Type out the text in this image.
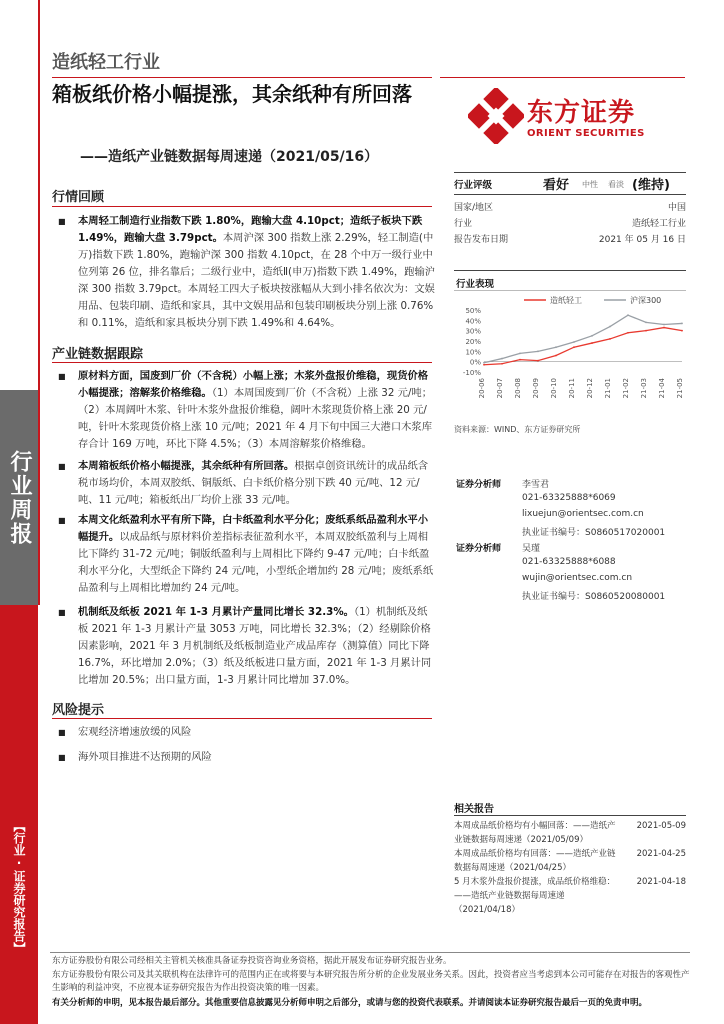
行业周报
【行业·证券研究报告】
造纸轻工行业
箱板纸价格小幅提涨，其余纸种有所回落
——造纸产业链数据每周速递（2021/05/16）
东方证券
ORIENT SECURITIES
行情回顾
■ 本周轻工制造行业指数下跌 1.80%，跑输大盘 4.10pct；造纸子板块下跌 1.49%，跑输大盘 3.79pct。本周沪深 300 指数上涨 2.29%，轻工制造(中万)指数下跌 1.80%，跑输沪深 300 指数 4.10pct，在 28 个中万一级行业中位列第 26 位，排名靠后；二级行业中，造纸Ⅱ(申万)指数下跌 1.49%，跑输沪深 300 指数 3.79pct。本周轻工四大子板块按涨幅从大到小排名依次为：文娱用品、包装印刷、造纸和家具，其中文娱用品和包装印刷板块分别上涨 0.76%和 0.11%，造纸和家具板块分别下跌 1.49%和 4.64%。
产业链数据跟踪
■ 原材料方面，国废到厂价（不含税）小幅上涨；木浆外盘报价维稳，现货价格小幅提涨；溶解浆价格维稳。（1）本周国废到厂价（不含税）上涨 32 元/吨；（2）本周阔叶木浆、针叶木浆外盘报价维稳，阔叶木浆现货价格上涨 20 元/吨，针叶木浆现货价格上涨 10 元/吨；2021 年 4 月下旬中国三大港口木浆库存合计 169 万吨，环比下降 4.5%；（3）本周溶解浆价格维稳。
■ 本周箱板纸价格小幅提涨，其余纸种有所回落。根据卓创资讯统计的成品纸含税市场均价，本周双胶纸、铜版纸、白卡纸价格分别下跌 40 元/吨、12 元/吨、11 元/吨；箱板纸出厂均价上涨 33 元/吨。
■ 本周文化纸盈利水平有所下降，白卡纸盈利水平分化；废纸系纸品盈利水平小幅提升。以成品纸与原材料价差指标表征盈利水平，本周双胶纸盈利与上周相比下降约 31-72 元/吨；铜版纸盈利与上周相比下降约 9-47 元/吨；白卡纸盈利水平分化，大型纸企下降约 24 元/吨，小型纸企增加约 28 元/吨；废纸系纸品盈利与上周相比增加约 24 元/吨。
■ 机制纸及纸板 2021 年 1-3 月累计产量同比增长 32.3%。（1）机制纸及纸板 2021 年 1-3 月累计产量 3053 万吨，同比增长 32.3%；（2）经剔除价格因素影响，2021 年 3 月机制纸及纸板制造业产成品库存（测算值）同比下降 16.7%，环比增加 2.0%；（3）纸及纸板进口量方面，2021 年 1-3 月累计同比增加 20.5%；出口量方面，1-3 月累计同比增加 37.0%。
风险提示
■ 宏观经济增速放缓的风险
■ 海外项目推进不达预期的风险
行业评级	看好 中性 看淡 (维持)
国家/地区	中国
行业	造纸轻工行业
报告发布日期	2021 年 05 月 16 日
行业表现
造纸轻工	沪深300
50%
40%
30%
20%
10%
0%
-10%
20-06 20-07 20-08 20-09 20-10 20-11 20-12 21-01 21-02 21-03 21-04 21-05
资料来源：WIND、东方证券研究所
证券分析师 李雪君
021-63325888*6069
lixuejun@orientsec.com.cn
执业证书编号：S0860517020001
证券分析师 吴瑾
021-63325888*6088
wujin@orientsec.com.cn
执业证书编号：S0860520080001
相关报告
本周成品纸价格均有小幅回落：——造纸产业链数据每周速递（2021/05/09）
2021-05-09
本周成品纸价格均有回落：——造纸产业链数据每周速递（2021/04/25）
2021-04-25
5 月木浆外盘报价提涨，成品纸价格维稳：——造纸产业链数据每周速递（2021/04/18）
2021-04-18
东方证券股份有限公司经相关主管机关核准具备证券投资咨询业务资格，据此开展发布证券研究报告业务。
东方证券股份有限公司及其关联机构在法律许可的范围内正在或将要与本研究报告所分析的企业发展业务关系。因此，投资者应当考虑到本公司可能存在对报告的客观性产生影响的利益冲突，不应视本证券研究报告为作出投资决策的唯一因素。
有关分析师的申明，见本报告最后部分。其他重要信息披露见分析师申明之后部分，或请与您的投资代表联系。并请阅读本证券研究报告最后一页的免责申明。
